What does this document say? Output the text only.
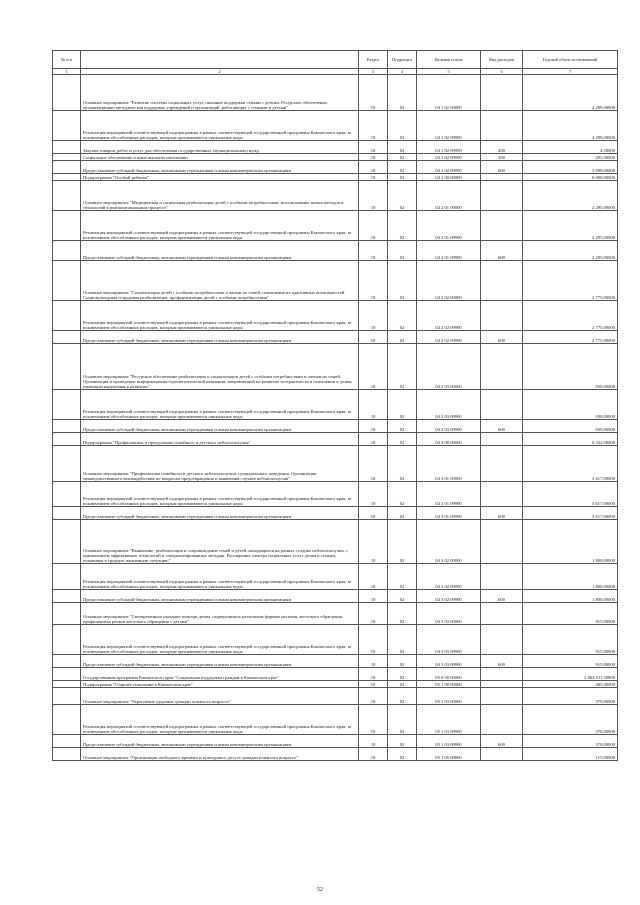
№ п/п		Раздел	Подраздел	Целевая статья	Вид расходов	Годовой объем ассигнований
1	2	3	4	5	6	7
	Основное мероприятие "Развитие системы социальных услуг, оказание поддержки семьям с детьми. Ресурсное обеспечение, организационно-методическая поддержка учреждений и организаций, работающих с семьями и детьми"	10	02	04 1 02 00000		4 299,00000
	Реализация мероприятий соответствующей подпрограммы в рамках соответствующей государственной программы Камчатского края, за исключением обособленных расходов, которым присваиваются уникальные коды	10	02	04 1 02 09990		4 299,00000
	Закупка товаров, работ и услуг для обеспечения государственных (муниципальных) нужд	10	02	04 1 02 09990	200	4,50000
	Социальное обеспечение и иные выплаты населению	10	02	04 1 02 09990	300	295,50000
	Предоставление субсидий бюджетным, автономным учреждениям и иным некоммерческим организациям	10	02	04 1 02 09990	600	3 999,00000
	Подпрограмма "Особый ребенок"	10	02	04 2 00 00000		6 000,00000
	Основное мероприятие "Медицинская и социальная реабилитация детей с особыми потребностями, использование новых методов и технологий в реабилитационном процессе"	10	02	04 2 01 00000		2 295,00000
	Реализация мероприятий соответствующей подпрограммы в рамках соответствующей государственной программы Камчатского края, за исключением обособленных расходов, которым присваиваются уникальные коды	10	02	04 2 01 09990		2 295,00000
	Предоставление субсидий бюджетным, автономным учреждениям и иным некоммерческим организациям	10	02	04 2 01 09990	600	2 295,00000
	Основное мероприятие "Социализация детей с особыми потребностями в жизни их семей, повышение их адаптивных возможностей. Социокультурная и трудовая реабилитация, профориентация детей с особыми потребностями"	10	02	04 2 02 00000		2 775,00000
	Реализация мероприятий соответствующей подпрограммы в рамках соответствующей государственной программы Камчатского края, за исключением обособленных расходов, которым присваиваются уникальные коды	10	02	04 2 02 09990		2 775,00000
	Предоставление субсидий бюджетным, автономным учреждениям и иным некоммерческим организациям	10	02	04 2 02 09990	600	2 775,00000
	Основное мероприятие "Ресурсное обеспечение реабилитации и социализации детей с особыми потребностями и членов их семей. Организация и проведение информационно-просветительской кампании, направленной на развитие толерантности в отношении к детям, имеющим нарушения в развитии"	10	02	04 2 03 00000		930,00000
	Реализация мероприятий соответствующей подпрограммы в рамках соответствующей государственной программы Камчатского края, за исключением обособленных расходов, которым присваиваются уникальные коды	10	02	04 2 03 09990		930,00000
	Предоставление субсидий бюджетным, автономным учреждениям и иным некоммерческим организациям	10	02	04 2 03 09990	600	930,00000
	Подпрограмма "Профилактика и преодоление семейного и детского неблагополучия"	10	02	04 3 00 00000		6 332,00000
	Основное мероприятие "Профилактика семейного и детского неблагополучия, суицидального поведения. Организация межведомственного взаимодействия по вопросам предотвращения и выявления случаев неблагополучия"	10	02	04 3 01 00000		3 617,00000
	Реализация мероприятий соответствующей подпрограммы в рамках соответствующей государственной программы Камчатского края, за исключением обособленных расходов, которым присваиваются уникальные коды	10	02	04 3 01 09990		3 617,00000
	Предоставление субсидий бюджетным, автономным учреждениям и иным некоммерческим организациям	10	02	04 3 01 09990	600	3 617,00000
	Основное мероприятие "Выявление, реабилитация и сопровождение семей и детей, находящихся на разных стадиях неблагополучия, с применением эффективных технологий и специализированных методик. Расширение спектра социальных услуг детям и семьям, попавшим в трудную жизненную ситуацию"	10	02	04 3 02 00000		1 800,00000
	Реализация мероприятий соответствующей подпрограммы в рамках соответствующей государственной программы Камчатского края, за исключением обособленных расходов, которым присваиваются уникальные коды	10	02	04 3 02 09990		1 800,00000
	Предоставление субсидий бюджетным, автономным учреждениям и иным некоммерческим организациям	10	02	04 3 02 09990	600	1 800,00000
	Основное мероприятие "Своевременное оказание помощи детям, подвергшимся различным формам насилия, жестокого обращения, профилактика рисков жестокого обращения с детьми"	10	02	04 3 03 00000		915,00000
	Реализация мероприятий соответствующей подпрограммы в рамках соответствующей государственной программы Камчатского края, за исключением обособленных расходов, которым присваиваются уникальные коды	10	02	04 3 03 09990		915,00000
	Предоставление субсидий бюджетным, автономным учреждениям и иным некоммерческим организациям	10	02	04 3 03 09990	600	915,00000
	Государственная программа Камчатского края "Социальная поддержка граждан в Камчатском крае"	10	02	05 0 00 00000		2 064 011,50800
	Подпрограмма "Старшее поколение в Камчатском крае"	10	02	05 1 00 00000		485,00000
	Основное мероприятие "Укрепление здоровья граждан пожилого возраста"	10	02	05 1 03 00000		370,00000
	Реализация мероприятий соответствующей подпрограммы в рамках соответствующей государственной программы Камчатского края, за исключением обособленных расходов, которым присваиваются уникальные коды	10	02	05 1 03 09990		370,00000
	Предоставление субсидий бюджетным, автономным учреждениям и иным некоммерческим организациям	10	02	05 1 03 09990	600	370,00000
	Основное мероприятие "Организация свободного времени и культурного досуга граждан пожилого возраста"	10	02	05 1 05 00000		115,00000
52
